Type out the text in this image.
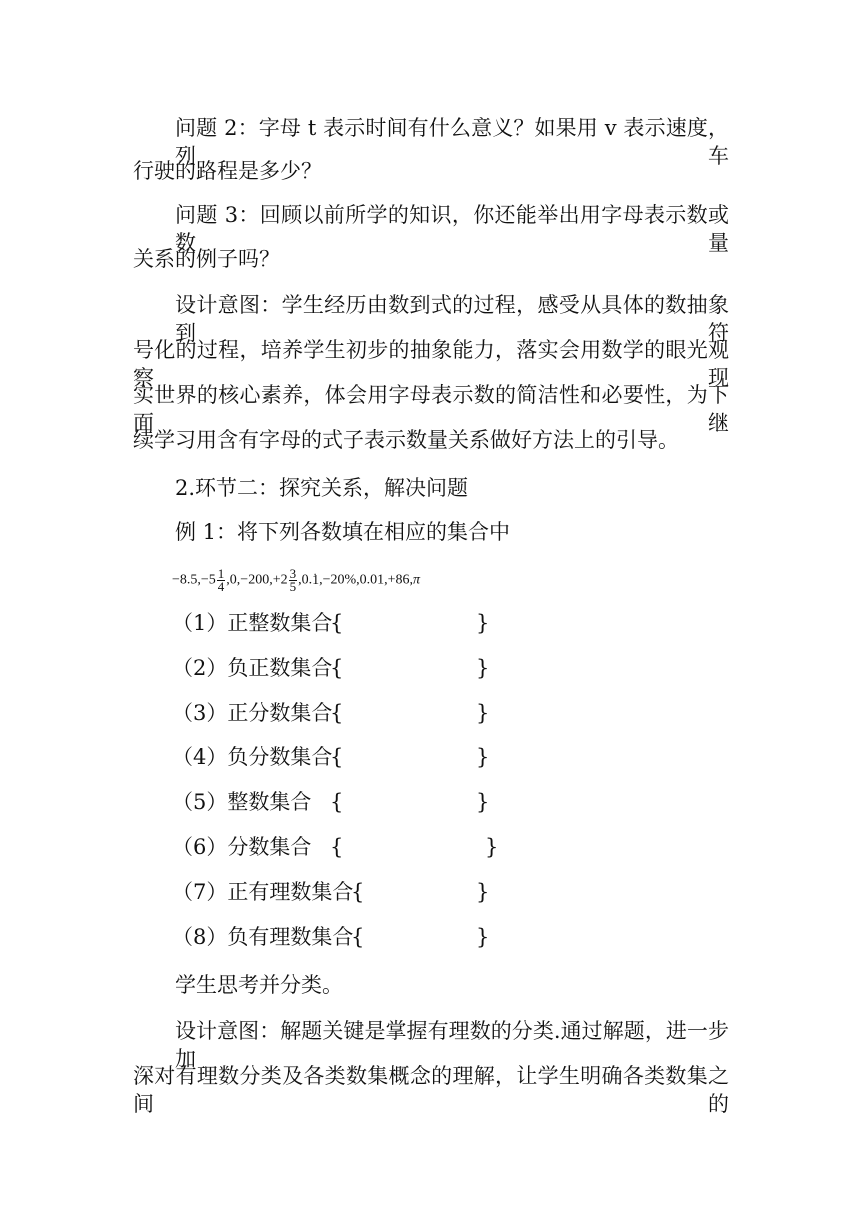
问题 2：字母 t 表示时间有什么意义？如果用 v 表示速度，列车
行驶的路程是多少？
问题 3：回顾以前所学的知识，你还能举出用字母表示数或数量
关系的例子吗？
设计意图：学生经历由数到式的过程，感受从具体的数抽象到符
号化的过程，培养学生初步的抽象能力，落实会用数学的眼光观察现
实世界的核心素养，体会用字母表示数的简洁性和必要性，为下面继
续学习用含有字母的式子表示数量关系做好方法上的引导。
2.环节二：探究关系，解决问题
例 1：将下列各数填在相应的集合中
$-8.5,-5 \frac{1}{4} ,0,-200,+2 \frac{3}{5} ,0.1 \cdot,-20\%,0.01,+86,\pi$
（1）正整数集合
{	}
（2）负正数集合
{	}
（3）正分数集合
{	}
（4）负分数集合
{	}
（5）整数集合 {	}
（6）分数集合 {	}
（7）正有理数集合
{	}
（8）负有理数集合
{	}
学生思考并分类。
设计意图：解题关键是掌握有理数的分类.通过解题，进一步加
深对有理数分类及各类数集概念的理解，让学生明确各类数集之间的
